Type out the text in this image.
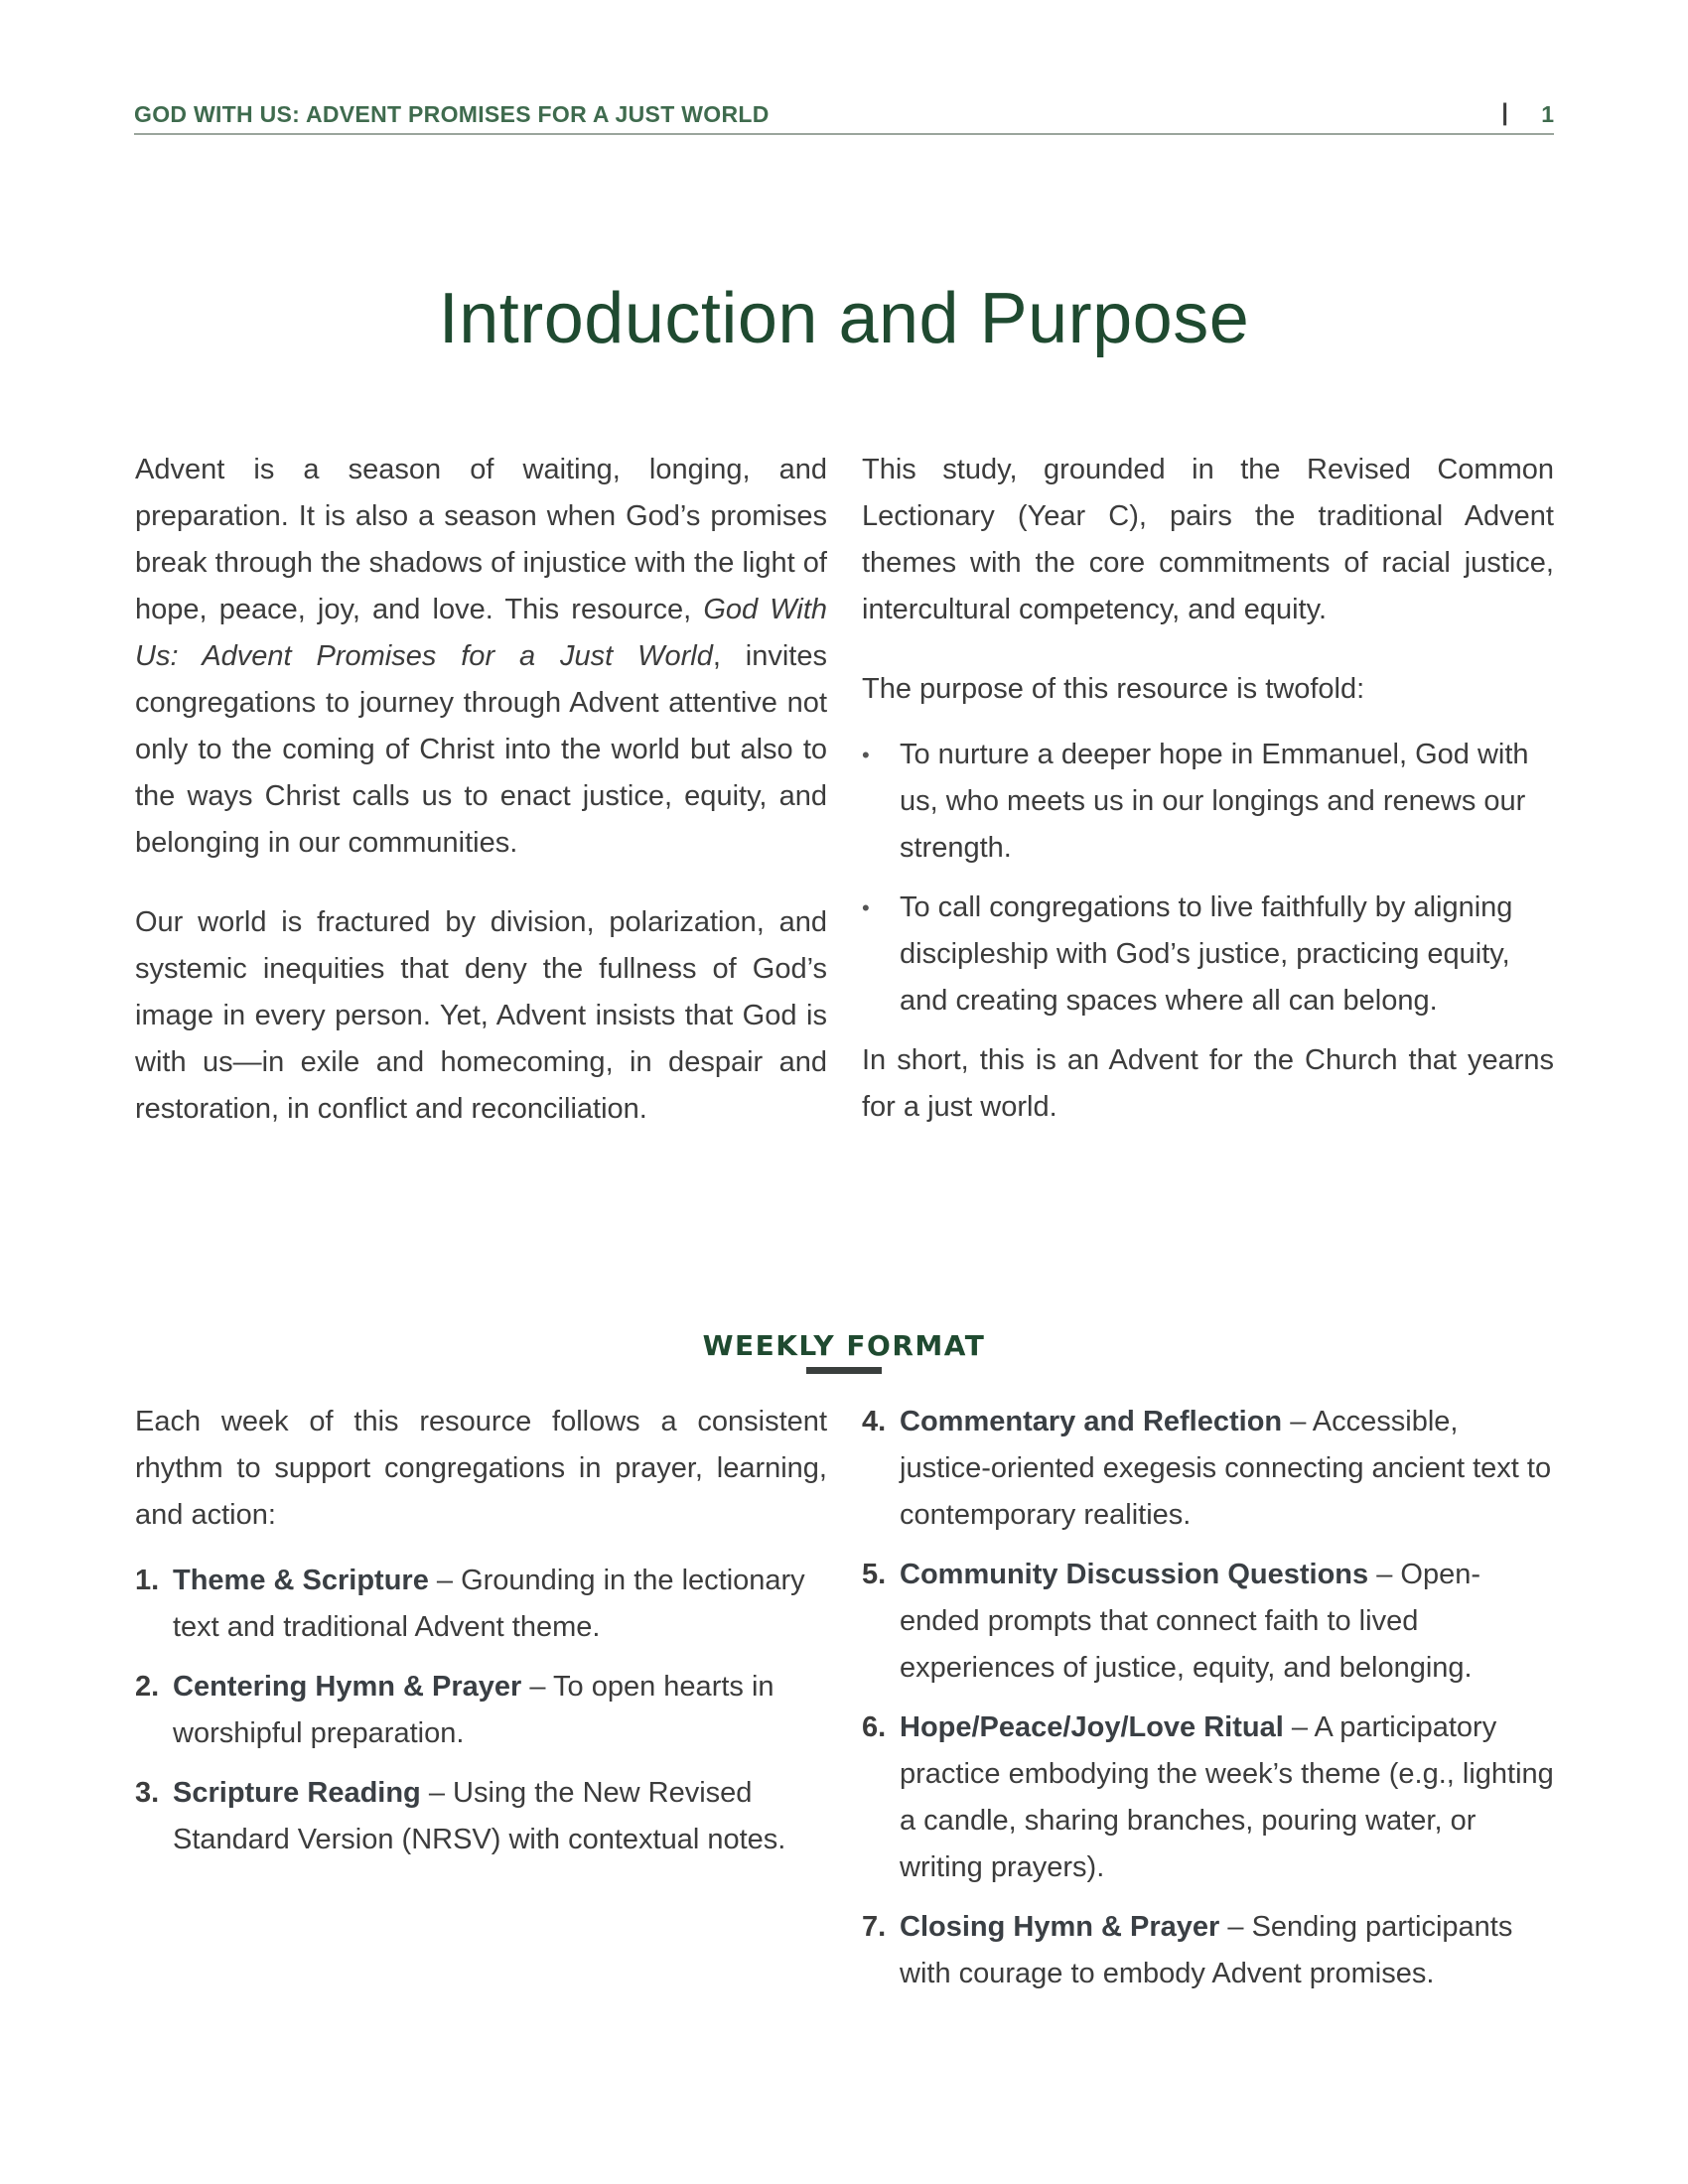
GOD WITH US: ADVENT PROMISES FOR A JUST WORLD	| 1
Introduction and Purpose

Advent is a season of waiting, longing, and preparation. It is also a season when God’s promises break through the shadows of injustice with the light of hope, peace, joy, and love. This resource, God With Us: Advent Promises for a Just World, invites congregations to journey through Advent attentive not only to the coming of Christ into the world but also to the ways Christ calls us to enact justice, equity, and belonging in our communities.

Our world is fractured by division, polarization, and systemic inequities that deny the fullness of God’s image in every person. Yet, Advent insists that God is with us—in exile and homecoming, in despair and restoration, in conflict and reconciliation.

This study, grounded in the Revised Common Lectionary (Year C), pairs the traditional Advent themes with the core commitments of racial justice, intercultural competency, and equity.

The purpose of this resource is twofold:

• To nurture a deeper hope in Emmanuel, God with us, who meets us in our longings and renews our strength.
• To call congregations to live faithfully by aligning discipleship with God’s justice, practicing equity, and creating spaces where all can belong.

In short, this is an Advent for the Church that yearns for a just world.

WEEKLY FORMAT

Each week of this resource follows a consistent rhythm to support congregations in prayer, learning, and action:

1. Theme & Scripture – Grounding in the lectionary text and traditional Advent theme.
2. Centering Hymn & Prayer – To open hearts in worshipful preparation.
3. Scripture Reading – Using the New Revised Standard Version (NRSV) with contextual notes.
4. Commentary and Reflection – Accessible, justice-oriented exegesis connecting ancient text to contemporary realities.
5. Community Discussion Questions – Open-ended prompts that connect faith to lived experiences of justice, equity, and belonging.
6. Hope/Peace/Joy/Love Ritual – A participatory practice embodying the week’s theme (e.g., lighting a candle, sharing branches, pouring water, or writing prayers).
7. Closing Hymn & Prayer – Sending participants with courage to embody Advent promises.
